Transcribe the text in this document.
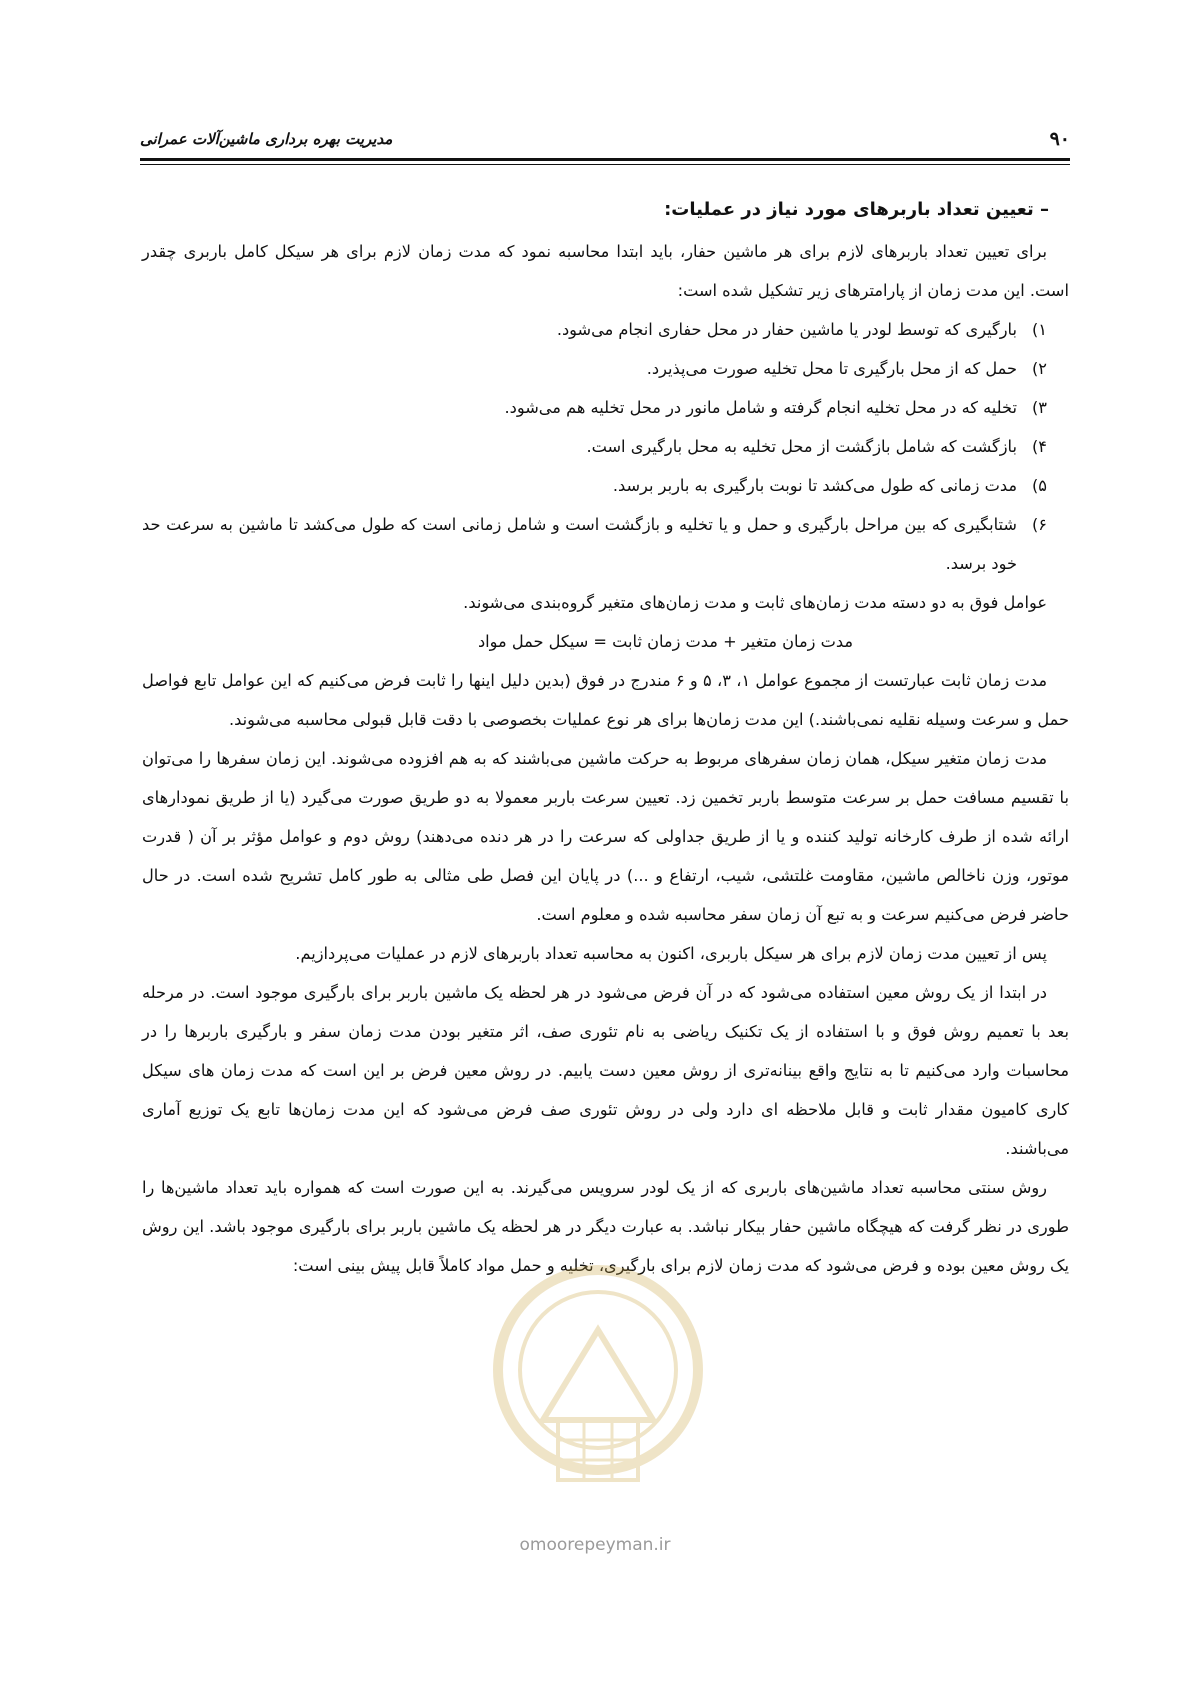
۹۰
مدیریت بهره برداری ماشین‌آلات عمرانی

– تعیین تعداد باربرهای مورد نیاز در عملیات:

برای تعیین تعداد باربرهای لازم برای هر ماشین حفار، باید ابتدا محاسبه نمود که مدت زمان لازم برای هر سیکل کامل باربری چقدر است. این مدت زمان از پارامترهای زیر تشکیل شده است:

۱)
بارگیری که توسط لودر یا ماشین حفار در محل حفاری انجام می‌شود.
۲)
حمل که از محل بارگیری تا محل تخلیه صورت می‌پذیرد.
۳)
تخلیه که در محل تخلیه انجام گرفته و شامل مانور در محل تخلیه هم می‌شود.
۴)
بازگشت که شامل بازگشت از محل تخلیه به محل بارگیری است.
۵)
مدت زمانی که طول می‌کشد تا نوبت بارگیری به باربر برسد.
۶)
شتابگیری که بین مراحل بارگیری و حمل و یا تخلیه و بازگشت است و شامل زمانی است که طول می‌کشد تا ماشین به سرعت حد خود برسد.

عوامل فوق به دو دسته مدت زمان‌های ثابت و مدت زمان‌های متغیر گروه‌بندی می‌شوند.

مدت زمان متغیر + مدت زمان ثابت = سیکل حمل مواد

مدت زمان ثابت عبارتست از مجموع عوامل ۱، ۳، ۵ و ۶ مندرج در فوق (بدین دلیل اینها را ثابت فرض می‌کنیم که این عوامل تابع فواصل حمل و سرعت وسیله نقلیه نمی‌باشند.) این مدت زمان‌ها برای هر نوع عملیات بخصوصی با دقت قابل قبولی محاسبه می‌شوند.

مدت زمان متغیر سیکل، همان زمان سفرهای مربوط به حرکت ماشین می‌باشند که به هم افزوده می‌شوند. این زمان سفرها را می‌توان با تقسیم مسافت حمل بر سرعت متوسط باربر تخمین زد. تعیین سرعت باربر معمولا به دو طریق صورت می‌گیرد (یا از طریق نمودارهای ارائه شده از طرف کارخانه تولید کننده و یا از طریق جداولی که سرعت را در هر دنده می‌دهند) روش دوم و عوامل مؤثر بر آن ( قدرت موتور، وزن ناخالص ماشین، مقاومت غلتشی، شیب، ارتفاع و ...) در پایان این فصل طی مثالی به طور کامل تشریح شده است. در حال حاضر فرض می‌کنیم سرعت و به تبع آن زمان سفر محاسبه شده و معلوم است.

پس از تعیین مدت زمان لازم برای هر سیکل باربری، اکنون به محاسبه تعداد باربرهای لازم در عملیات می‌پردازیم.

در ابتدا از یک روش معین استفاده می‌شود که در آن فرض می‌شود در هر لحظه یک ماشین باربر برای بارگیری موجود است. در مرحله بعد با تعمیم روش فوق و با استفاده از یک تکنیک ریاضی به نام تئوری صف، اثر متغیر بودن مدت زمان سفر و بارگیری باربرها را در محاسبات وارد می‌کنیم تا به نتایج واقع بینانه‌تری از روش معین دست یابیم. در روش معین فرض بر این است که مدت زمان های سیکل کاری کامیون مقدار ثابت و قابل ملاحظه ای دارد ولی در روش تئوری صف فرض می‌شود که این مدت زمان‌ها تابع یک توزیع آماری می‌باشند.

روش سنتی محاسبه تعداد ماشین‌های باربری که از یک لودر سرویس می‌گیرند. به این صورت است که همواره باید تعداد ماشین‌ها را طوری در نظر گرفت که هیچگاه ماشین حفار بیکار نباشد. به عبارت دیگر در هر لحظه یک ماشین باربر برای بارگیری موجود باشد. این روش یک روش معین بوده و فرض می‌شود که مدت زمان لازم برای بارگیری، تخلیه و حمل مواد کاملاً قابل پیش بینی است:

omoorepeyman.ir
